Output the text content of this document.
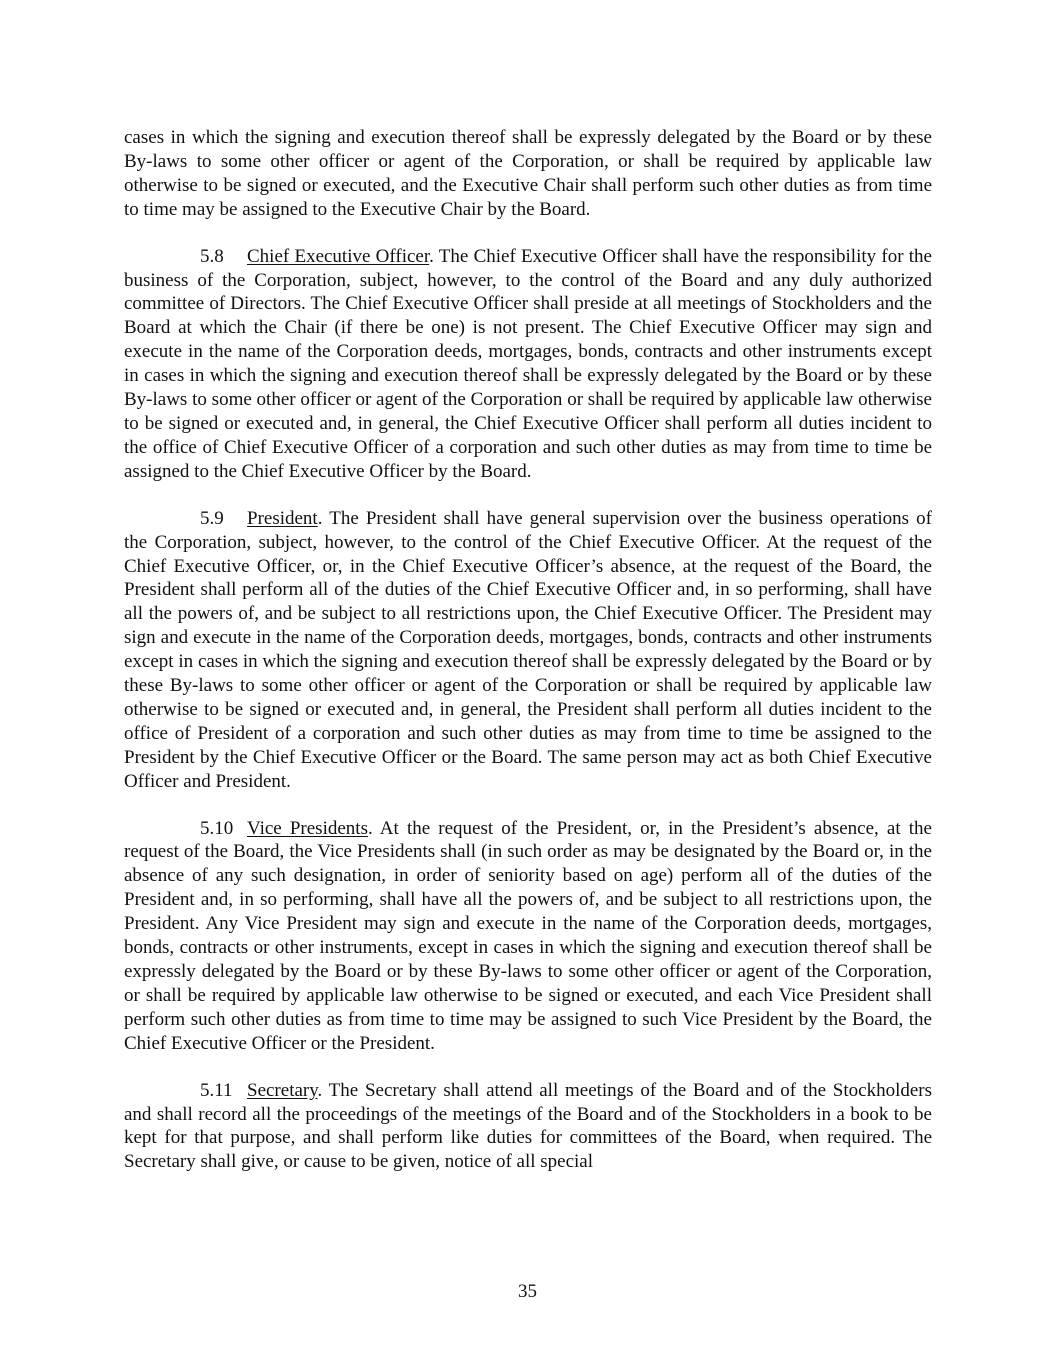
cases in which the signing and execution thereof shall be expressly delegated by the Board or by these By-laws to some other officer or agent of the Corporation, or shall be required by applicable law otherwise to be signed or executed, and the Executive Chair shall perform such other duties as from time to time may be assigned to the Executive Chair by the Board.

5.8 Chief Executive Officer. The Chief Executive Officer shall have the responsibility for the business of the Corporation, subject, however, to the control of the Board and any duly authorized committee of Directors. The Chief Executive Officer shall preside at all meetings of Stockholders and the Board at which the Chair (if there be one) is not present. The Chief Executive Officer may sign and execute in the name of the Corporation deeds, mortgages, bonds, contracts and other instruments except in cases in which the signing and execution thereof shall be expressly delegated by the Board or by these By-laws to some other officer or agent of the Corporation or shall be required by applicable law otherwise to be signed or executed and, in general, the Chief Executive Officer shall perform all duties incident to the office of Chief Executive Officer of a corporation and such other duties as may from time to time be assigned to the Chief Executive Officer by the Board.

5.9 President. The President shall have general supervision over the business operations of the Corporation, subject, however, to the control of the Chief Executive Officer. At the request of the Chief Executive Officer, or, in the Chief Executive Officer’s absence, at the request of the Board, the President shall perform all of the duties of the Chief Executive Officer and, in so performing, shall have all the powers of, and be subject to all restrictions upon, the Chief Executive Officer. The President may sign and execute in the name of the Corporation deeds, mortgages, bonds, contracts and other instruments except in cases in which the signing and execution thereof shall be expressly delegated by the Board or by these By-laws to some other officer or agent of the Corporation or shall be required by applicable law otherwise to be signed or executed and, in general, the President shall perform all duties incident to the office of President of a corporation and such other duties as may from time to time be assigned to the President by the Chief Executive Officer or the Board. The same person may act as both Chief Executive Officer and President.

5.10 Vice Presidents. At the request of the President, or, in the President’s absence, at the request of the Board, the Vice Presidents shall (in such order as may be designated by the Board or, in the absence of any such designation, in order of seniority based on age) perform all of the duties of the President and, in so performing, shall have all the powers of, and be subject to all restrictions upon, the President. Any Vice President may sign and execute in the name of the Corporation deeds, mortgages, bonds, contracts or other instruments, except in cases in which the signing and execution thereof shall be expressly delegated by the Board or by these By-laws to some other officer or agent of the Corporation, or shall be required by applicable law otherwise to be signed or executed, and each Vice President shall perform such other duties as from time to time may be assigned to such Vice President by the Board, the Chief Executive Officer or the President.

5.11 Secretary. The Secretary shall attend all meetings of the Board and of the Stockholders and shall record all the proceedings of the meetings of the Board and of the Stockholders in a book to be kept for that purpose, and shall perform like duties for committees of the Board, when required. The Secretary shall give, or cause to be given, notice of all special

35
